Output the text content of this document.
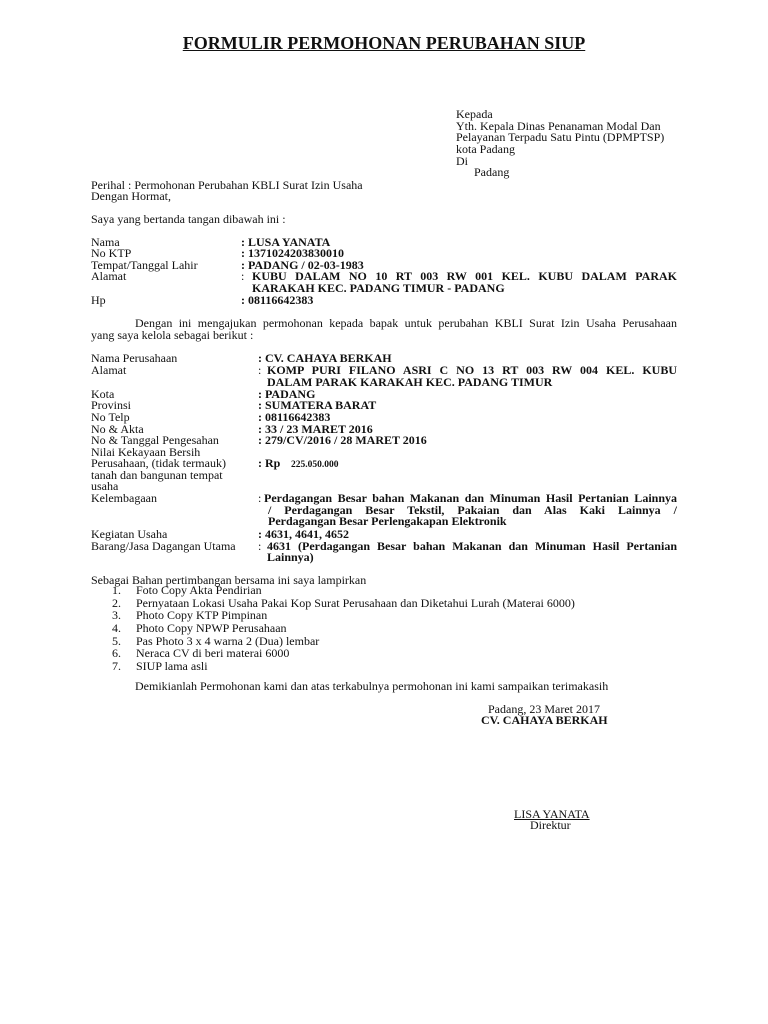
FORMULIR PERMOHONAN PERUBAHAN SIUP
Kepada
Yth. Kepala Dinas Penanaman Modal Dan
Pelayanan Terpadu Satu Pintu (DPMPTSP)
kota Padang
Di
Padang
Perihal : Permohonan Perubahan KBLI Surat Izin Usaha
Dengan Hormat,
Saya yang bertanda tangan dibawah ini :
Nama	: LUSA YANATA
No KTP	: 1371024203830010
Tempat/Tanggal Lahir	: PADANG / 02-03-1983
Alamat	: KUBU DALAM NO 10 RT 003 RW 001 KEL. KUBU DALAM PARAK
KARAKAH KEC. PADANG TIMUR - PADANG
Hp	: 08116642383
Dengan ini mengajukan permohonan kepada bapak untuk perubahan KBLI Surat Izin Usaha Perusahaan
yang saya kelola sebagai berikut :
Nama Perusahaan	: CV. CAHAYA BERKAH
Alamat	: KOMP PURI FILANO ASRI C NO 13 RT 003 RW 004 KEL. KUBU
DALAM PARAK KARAKAH KEC. PADANG TIMUR
Kota	: PADANG
Provinsi	: SUMATERA BARAT
No Telp	: 08116642383
No & Akta	: 33 / 23 MARET 2016
No & Tanggal Pengesahan	: 279/CV/2016 / 28 MARET 2016
Nilai Kekayaan Bersih
Perusahaan, (tidak termauk)
tanah dan bangunan tempat
usaha
: Rp 225.050.000
Kelembagaan	: Perdagangan Besar bahan Makanan dan Minuman Hasil Pertanian Lainnya
/ Perdagangan Besar Tekstil, Pakaian dan Alas Kaki Lainnya /
Perdagangan Besar Perlengakapan Elektronik
Kegiatan Usaha	: 4631, 4641, 4652
Barang/Jasa Dagangan Utama : 4631 (Perdagangan Besar bahan Makanan dan Minuman Hasil Pertanian
Lainnya)
Sebagai Bahan pertimbangan bersama ini saya lampirkan
1. Foto Copy Akta Pendirian
2. Pernyataan Lokasi Usaha Pakai Kop Surat Perusahaan dan Diketahui Lurah (Materai 6000)
3. Photo Copy KTP Pimpinan
4. Photo Copy NPWP Perusahaan
5. Pas Photo 3 x 4 warna 2 (Dua) lembar
6. Neraca CV di beri materai 6000
7. SIUP lama asli
Demikianlah Permohonan kami dan atas terkabulnya permohonan ini kami sampaikan terimakasih
Padang, 23 Maret 2017
CV. CAHAYA BERKAH
LISA YANATA
Direktur
